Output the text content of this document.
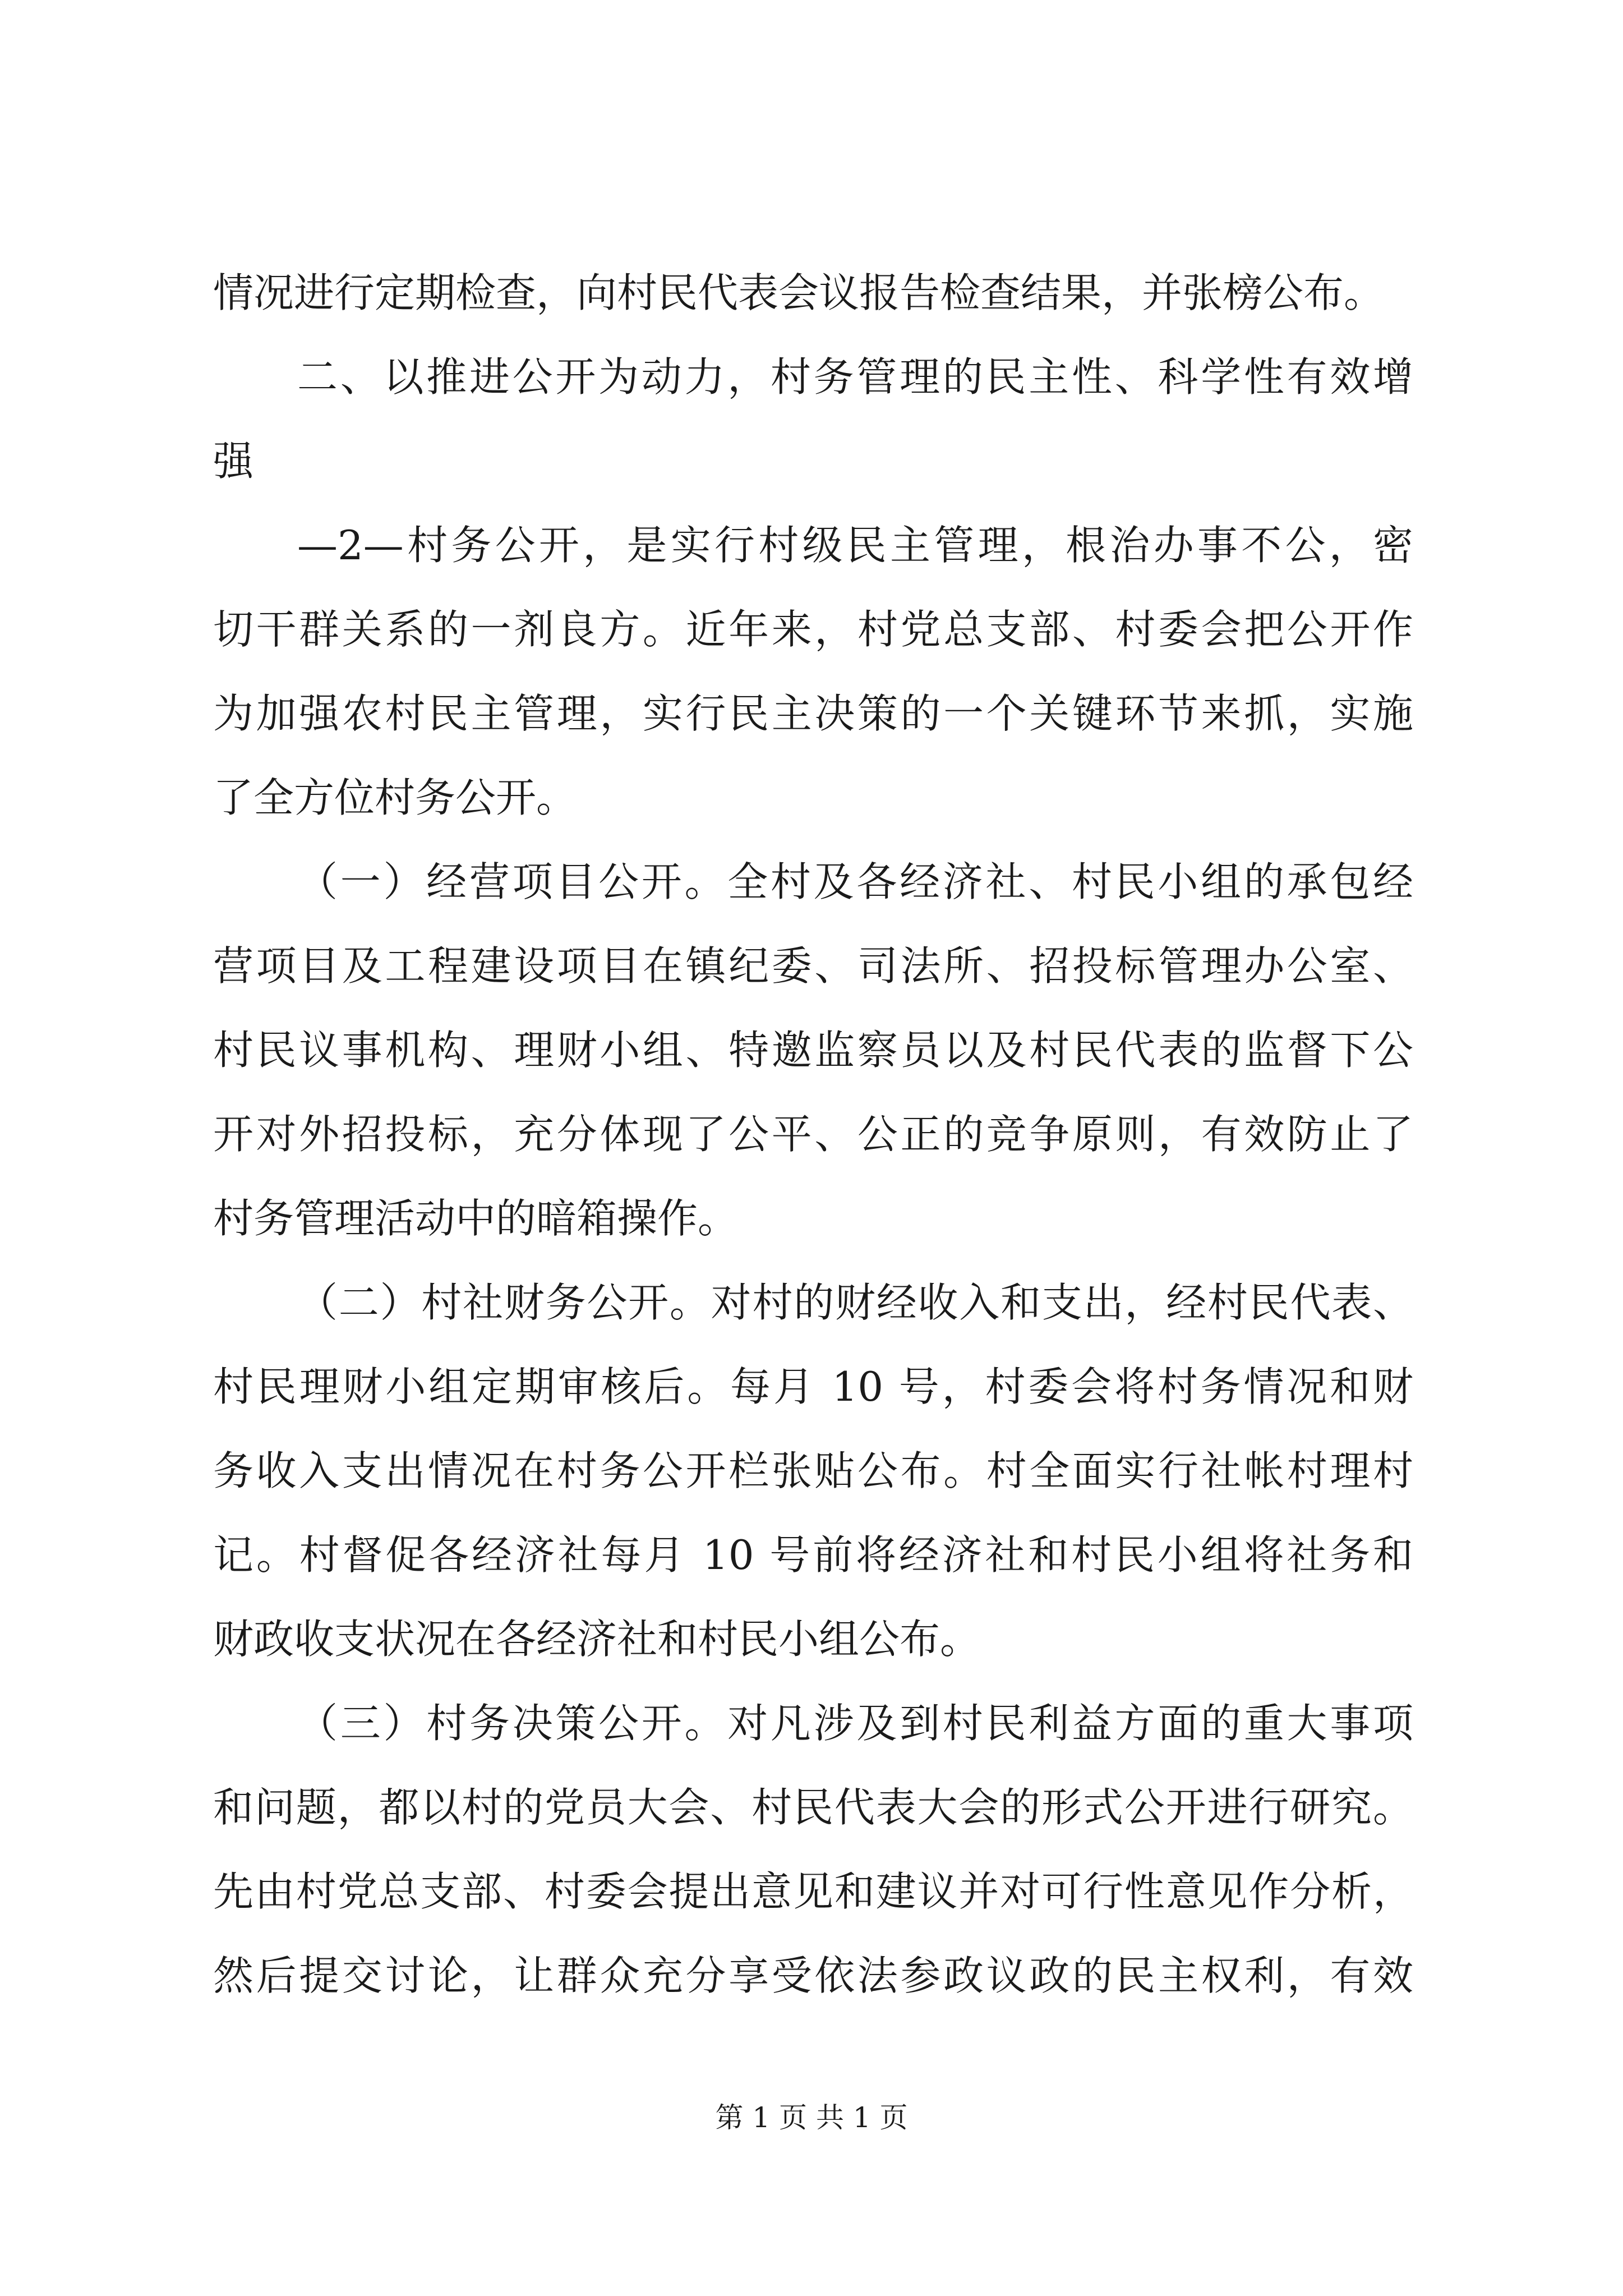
情况进行定期检查，向村民代表会议报告检查结果，并张榜公布。
二、以推进公开为动力，村务管理的民主性、科学性有效增
强
—2—村务公开，是实行村级民主管理，根治办事不公，密
切干群关系的一剂良方。近年来，村党总支部、村委会把公开作
为加强农村民主管理，实行民主决策的一个关键环节来抓，实施
了全方位村务公开。
（一）经营项目公开。全村及各经济社、村民小组的承包经
营项目及工程建设项目在镇纪委、司法所、招投标管理办公室、
村民议事机构、理财小组、特邀监察员以及村民代表的监督下公
开对外招投标，充分体现了公平、公正的竞争原则，有效防止了
村务管理活动中的暗箱操作。
（二）村社财务公开。对村的财经收入和支出，经村民代表、
村民理财小组定期审核后。每月 10 号，村委会将村务情况和财
务收入支出情况在村务公开栏张贴公布。村全面实行社帐村理村
记。村督促各经济社每月 10 号前将经济社和村民小组将社务和
财政收支状况在各经济社和村民小组公布。
（三）村务决策公开。对凡涉及到村民利益方面的重大事项
和问题，都以村的党员大会、村民代表大会的形式公开进行研究。
先由村党总支部、村委会提出意见和建议并对可行性意见作分析，
然后提交讨论，让群众充分享受依法参政议政的民主权利，有效
第 1 页 共 1 页
